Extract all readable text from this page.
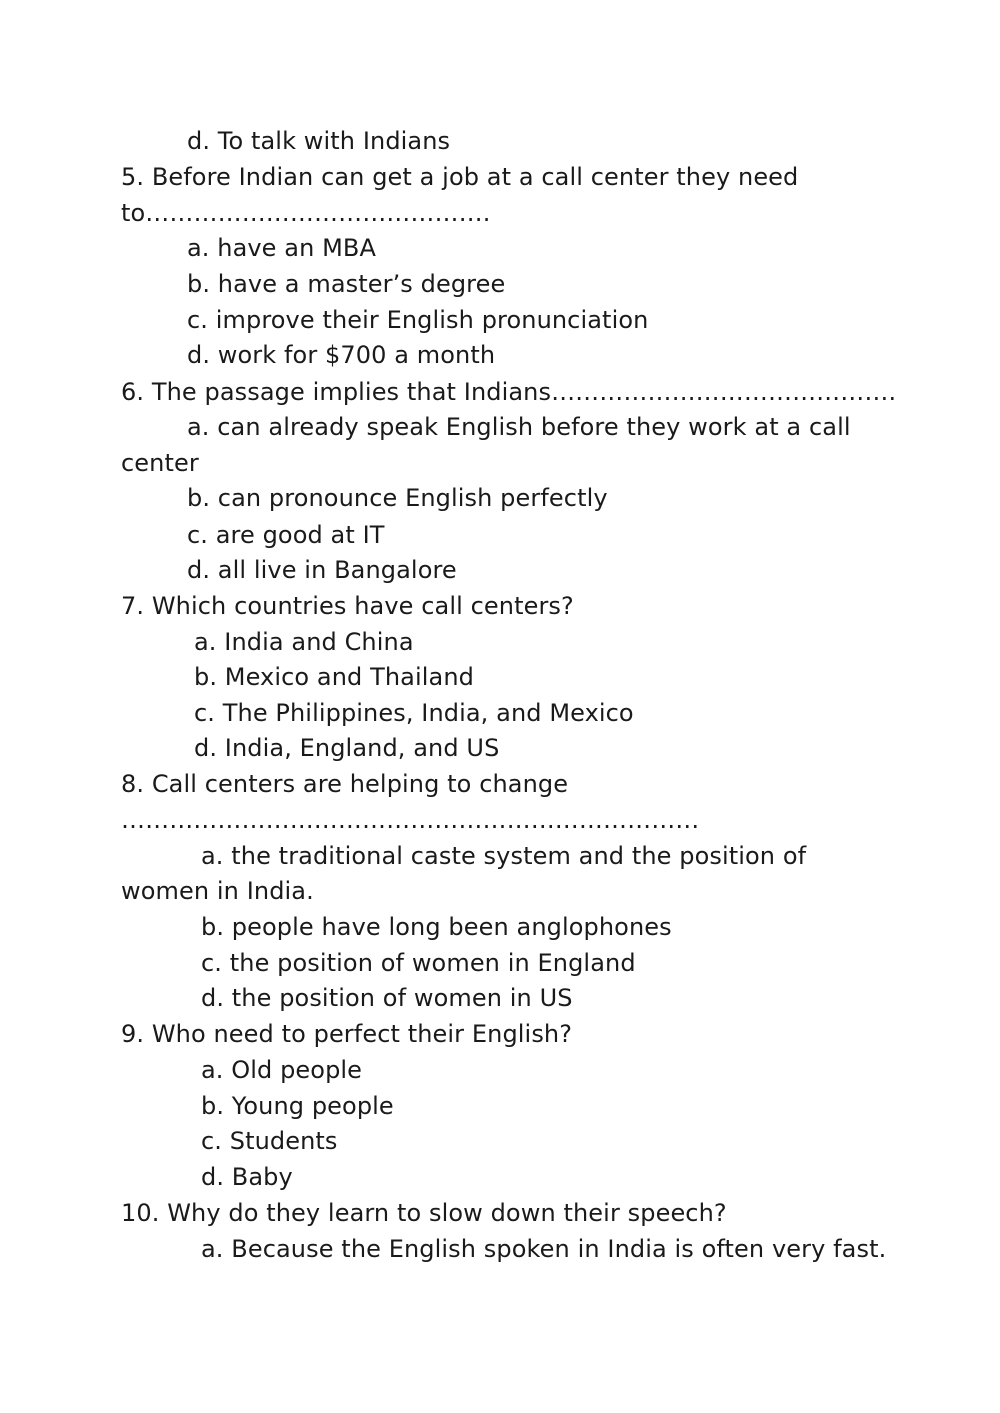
d. To talk with Indians
5. Before Indian can get a job at a call center they need
to…………………………………….
a. have an MBA
b. have a master’s degree
c. improve their English pronunciation
d. work for $700 a month
6. The passage implies that Indians…………………………………….
a. can already speak English before they work at a call
center
b. can pronounce English perfectly
c. are good at IT
d. all live in Bangalore
7. Which countries have call centers?
a. India and China
b. Mexico and Thailand
c. The Philippines, India, and Mexico
d. India, England, and US
8. Call centers are helping to change
………………………………………………………………
a. the traditional caste system and the position of
women in India.
b. people have long been anglophones
c. the position of women in England
d. the position of women in US
9. Who need to perfect their English?
a. Old people
b. Young people
c. Students
d. Baby
10. Why do they learn to slow down their speech?
a. Because the English spoken in India is often very fast.
